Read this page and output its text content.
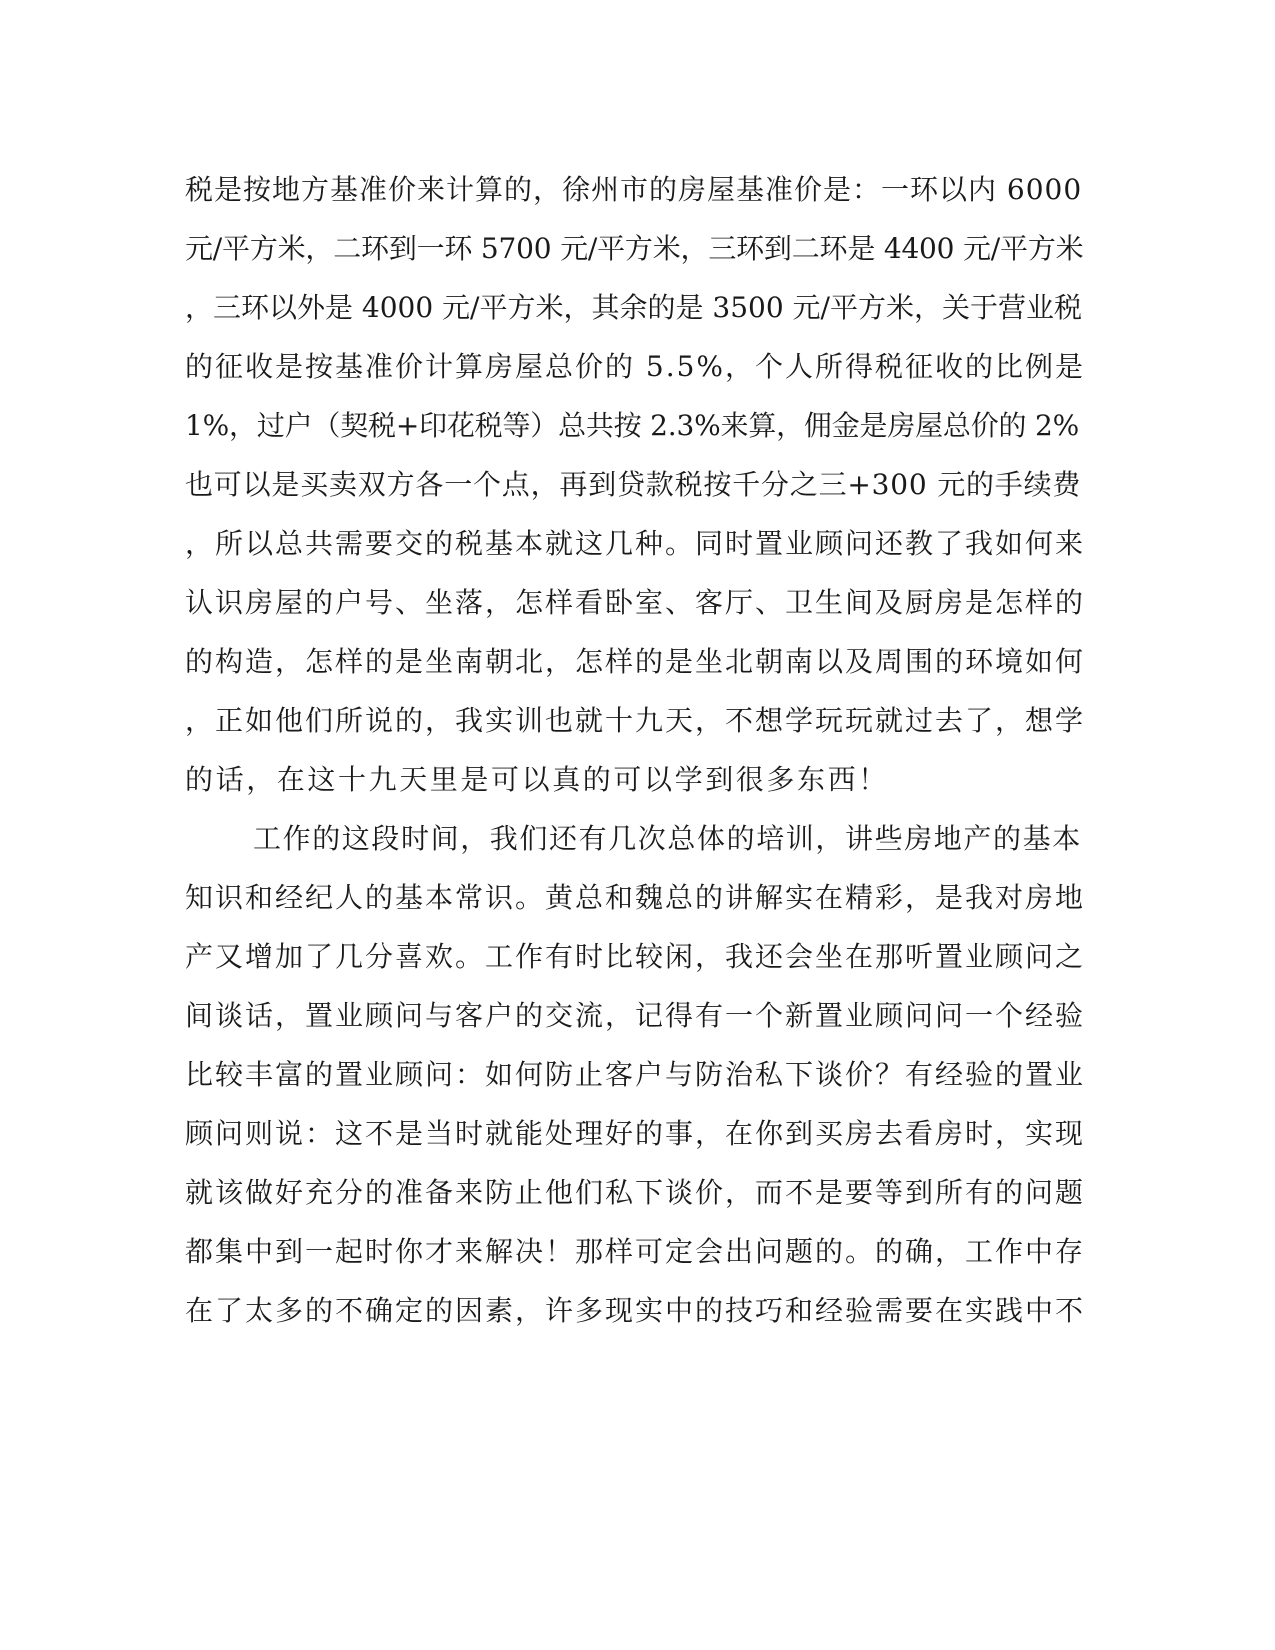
税是按地方基准价来计算的，徐州市的房屋基准价是：一环以内 6000
元/平方米，二环到一环 5700 元/平方米，三环到二环是 4400 元/平方米
，三环以外是 4000 元/平方米，其余的是 3500 元/平方米，关于营业税
的征收是按基准价计算房屋总价的 5.5%，个人所得税征收的比例是
1%，过户（契税+印花税等）总共按 2.3%来算，佣金是房屋总价的 2%
也可以是买卖双方各一个点，再到贷款税按千分之三+300 元的手续费
，所以总共需要交的税基本就这几种。同时置业顾问还教了我如何来
认识房屋的户号、坐落，怎样看卧室、客厅、卫生间及厨房是怎样的
的构造，怎样的是坐南朝北，怎样的是坐北朝南以及周围的环境如何
，正如他们所说的，我实训也就十九天，不想学玩玩就过去了，想学
的话，在这十九天里是可以真的可以学到很多东西！
工作的这段时间，我们还有几次总体的培训，讲些房地产的基本
知识和经纪人的基本常识。黄总和魏总的讲解实在精彩，是我对房地
产又增加了几分喜欢。工作有时比较闲，我还会坐在那听置业顾问之
间谈话，置业顾问与客户的交流，记得有一个新置业顾问问一个经验
比较丰富的置业顾问：如何防止客户与防治私下谈价？有经验的置业
顾问则说：这不是当时就能处理好的事，在你到买房去看房时，实现
就该做好充分的准备来防止他们私下谈价，而不是要等到所有的问题
都集中到一起时你才来解决！那样可定会出问题的。的确，工作中存
在了太多的不确定的因素，许多现实中的技巧和经验需要在实践中不
